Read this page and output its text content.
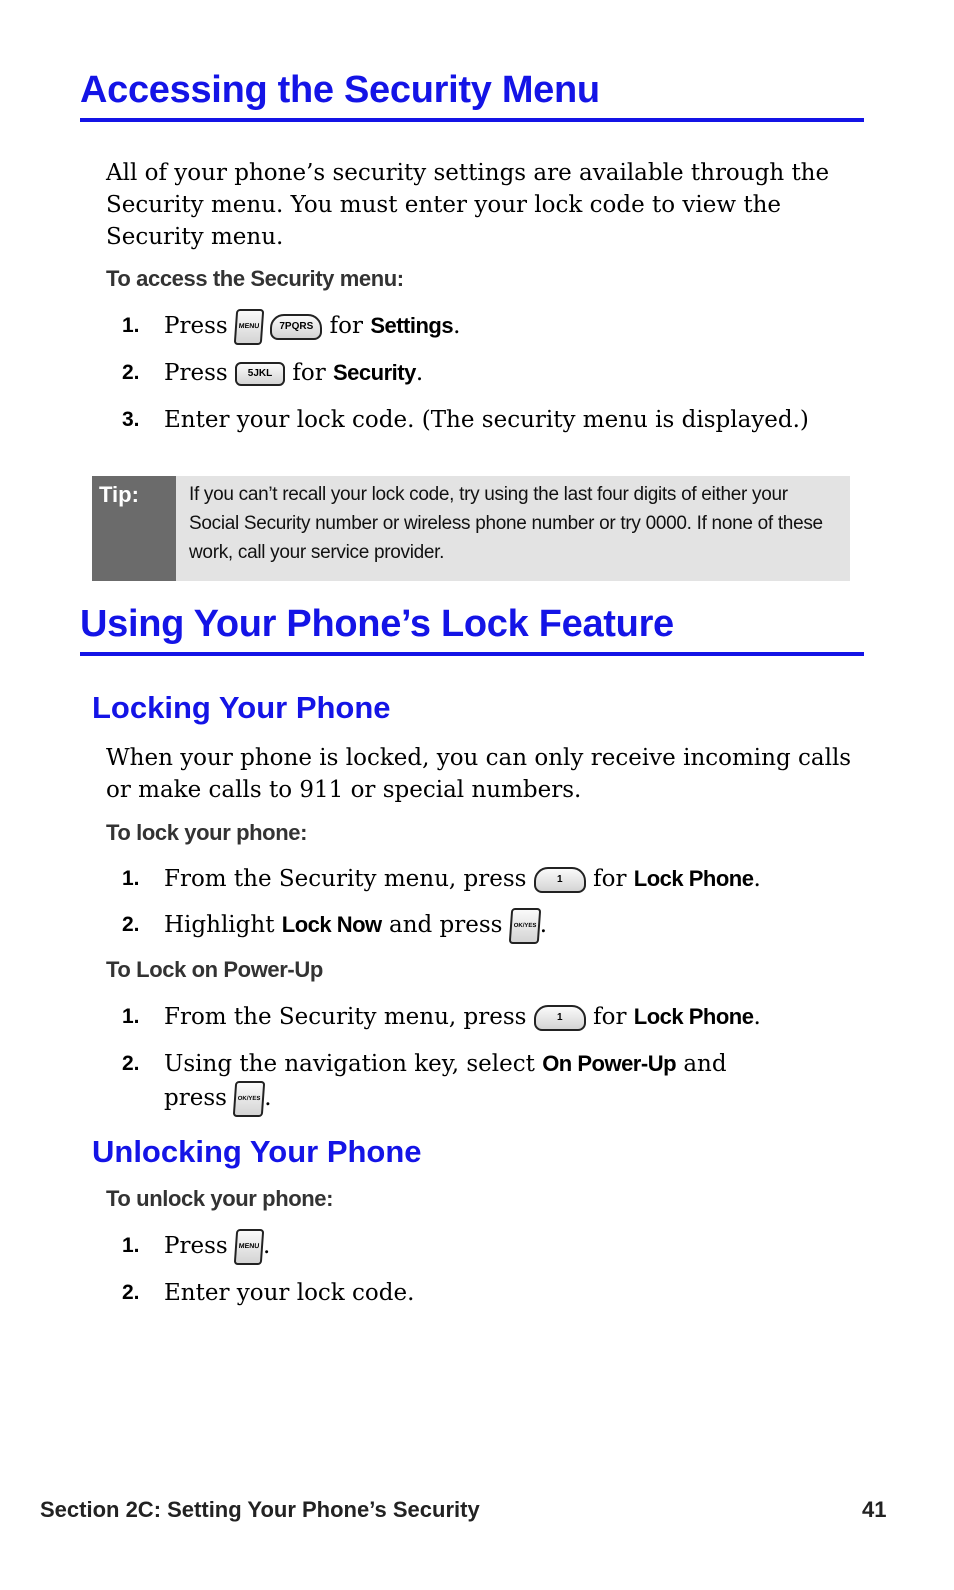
Accessing the Security Menu

All of your phone’s security settings are available through the Security menu. You must enter your lock code to view the Security menu.

To access the Security menu:
1. Press MENU 7PQRS for Settings.
2. Press 5JKL for Security.
3. Enter your lock code. (The security menu is displayed.)
Tip:	If you can’t recall your lock code, try using the last four digits of either your Social Security number or wireless phone number or try 0000. If none of these work, call your service provider.
Using Your Phone’s Lock Feature
Locking Your Phone

When your phone is locked, you can only receive incoming calls or make calls to 911 or special numbers.

To lock your phone:
1. From the Security menu, press	1 for Lock Phone.
2. Highlight Lock Now and press OK/YES .
To Lock on Power-Up
1. From the Security menu, press	1 for Lock Phone.
2. Using the navigation key, select On Power-Up and
press OK/YES .
Unlocking Your Phone
To unlock your phone:
1. Press MENU .
2. Enter your lock code.
Section 2C: Setting Your Phone’s Security	41
